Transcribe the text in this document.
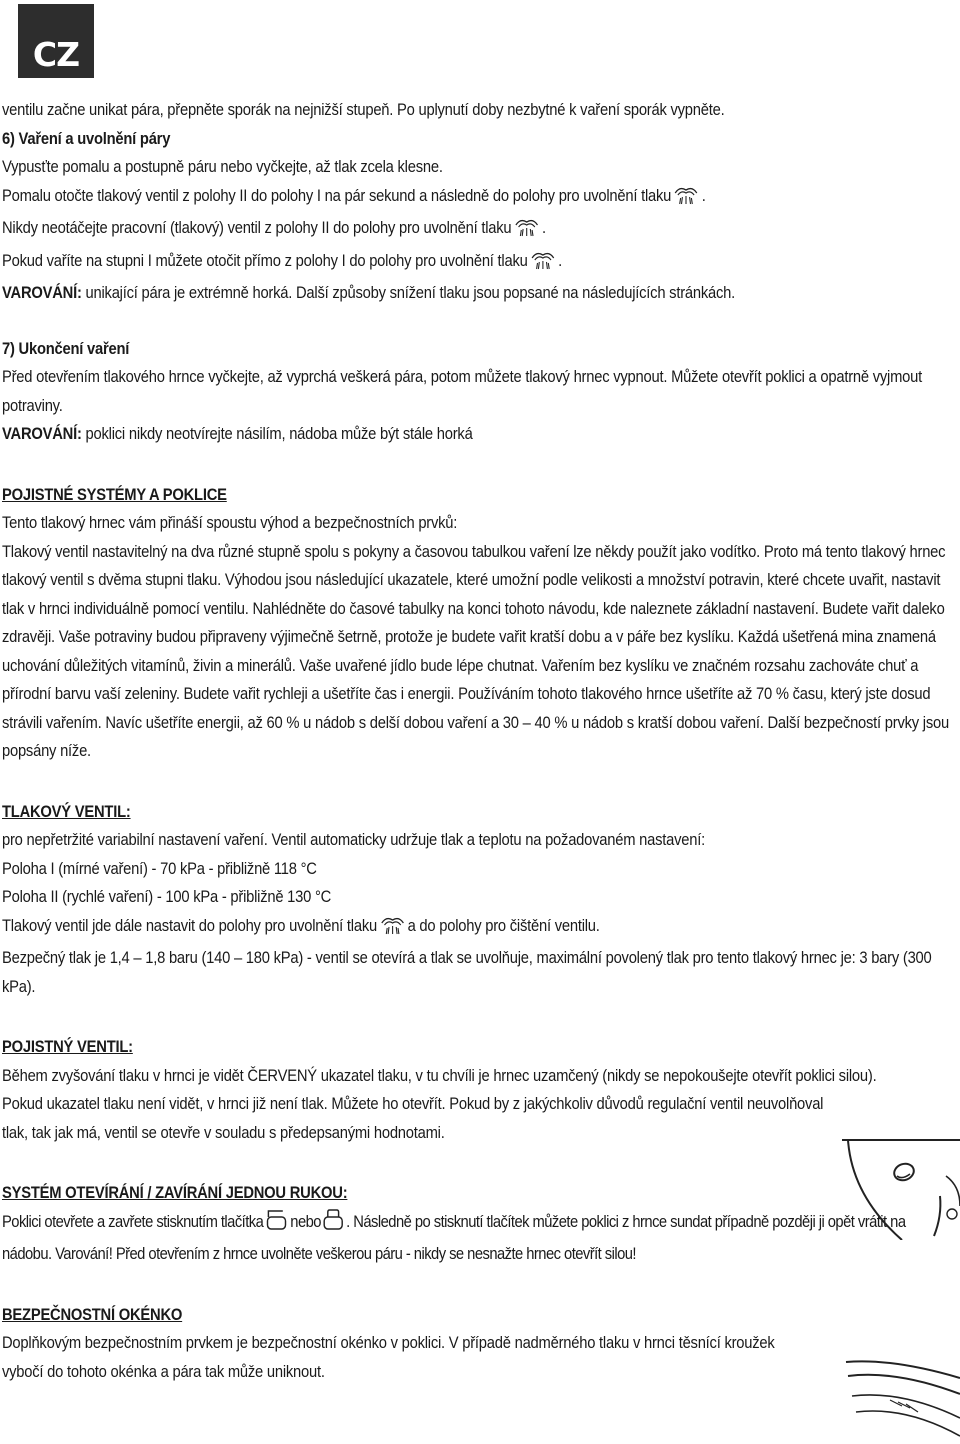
CZ

ventilu začne unikat pára, přepněte sporák na nejnižší stupeň. Po uplynutí doby nezbytné k vaření sporák vypněte.

6) Vaření a uvolnění páry

Vypusťte pomalu a postupně páru nebo vyčkejte, až tlak zcela klesne.

Pomalu otočte tlakový ventil z polohy II do polohy I na pár sekund a následně do polohy pro uvolnění tlaku .

Nikdy neotáčejte pracovní (tlakový) ventil z polohy II do polohy pro uvolnění tlaku .

Pokud vaříte na stupni I můžete otočit přímo z polohy I do polohy pro uvolnění tlaku .

VAROVÁNÍ: unikající pára je extrémně horká. Další způsoby snížení tlaku jsou popsané na následujících stránkách.

7) Ukončení vaření

Před otevřením tlakového hrnce vyčkejte, až vyprchá veškerá pára, potom můžete tlakový hrnec vypnout. Můžete otevřít poklici a opatrně vyjmout potraviny.

VAROVÁNÍ: poklici nikdy neotvírejte násilím, nádoba může být stále horká

POJISTNÉ SYSTÉMY A POKLICE

Tento tlakový hrnec vám přináší spoustu výhod a bezpečnostních prvků:

Tlakový ventil nastavitelný na dva různé stupně spolu s pokyny a časovou tabulkou vaření lze někdy použít jako vodítko. Proto má tento tlakový hrnec tlakový ventil s dvěma stupni tlaku. Výhodou jsou následující ukazatele, které umožní podle velikosti a množství potravin, které chcete uvařit, nastavit tlak v hrnci individuálně pomocí ventilu. Nahlédněte do časové tabulky na konci tohoto návodu, kde naleznete základní nastavení. Budete vařit daleko zdravěji. Vaše potraviny budou připraveny výjimečně šetrně, protože je budete vařit kratší dobu a v páře bez kyslíku. Každá ušetřená mina znamená uchování důležitých vitamínů, živin a minerálů. Vaše uvařené jídlo bude lépe chutnat. Vařením bez kyslíku ve značném rozsahu zachováte chuť a přírodní barvu vaší zeleniny. Budete vařit rychleji a ušetříte čas i energii. Používáním tohoto tlakového hrnce ušetříte až 70 % času, který jste dosud strávili vařením. Navíc ušetříte energii, až 60 % u nádob s delší dobou vaření a 30 – 40 % u nádob s kratší dobou vaření. Další bezpečností prvky jsou popsány níže.

TLAKOVÝ VENTIL:

pro nepřetržité variabilní nastavení vaření. Ventil automaticky udržuje tlak a teplotu na požadovaném nastavení:

Poloha I (mírné vaření) - 70 kPa - přibližně 118 °C

Poloha II (rychlé vaření) - 100 kPa - přibližně 130 °C

Tlakový ventil jde dále nastavit do polohy pro uvolnění tlaku a do polohy pro čištění ventilu.

Bezpečný tlak je 1,4 – 1,8 baru (140 – 180 kPa) - ventil se otevírá a tlak se uvolňuje, maximální povolený tlak pro tento tlakový hrnec je: 3 bary (300 kPa).

POJISTNÝ VENTIL:

Během zvyšování tlaku v hrnci je vidět ČERVENÝ ukazatel tlaku, v tu chvíli je hrnec uzamčený (nikdy se nepokoušejte otevřít poklici silou).

Pokud ukazatel tlaku není vidět, v hrnci již není tlak. Můžete ho otevřít. Pokud by z jakýchkoliv důvodů regulační ventil neuvolňoval tlak, tak jak má, ventil se otevře v souladu s předepsanými hodnotami.

SYSTÉM OTEVÍRÁNÍ / ZAVÍRÁNÍ JEDNOU RUKOU:

Poklici otevřete a zavřete stisknutím tlačítka nebo . Následně po stisknutí tlačítek můžete poklici z hrnce sundat případně později ji opět vrátit na nádobu. Varování! Před otevřením z hrnce uvolněte veškerou páru - nikdy se nesnažte hrnec otevřít silou!

BEZPEČNOSTNÍ OKÉNKO

Doplňkovým bezpečnostním prvkem je bezpečnostní okénko v poklici. V případě nadměrného tlaku v hrnci těsnící kroužek vybočí do tohoto okénka a pára tak může uniknout.
